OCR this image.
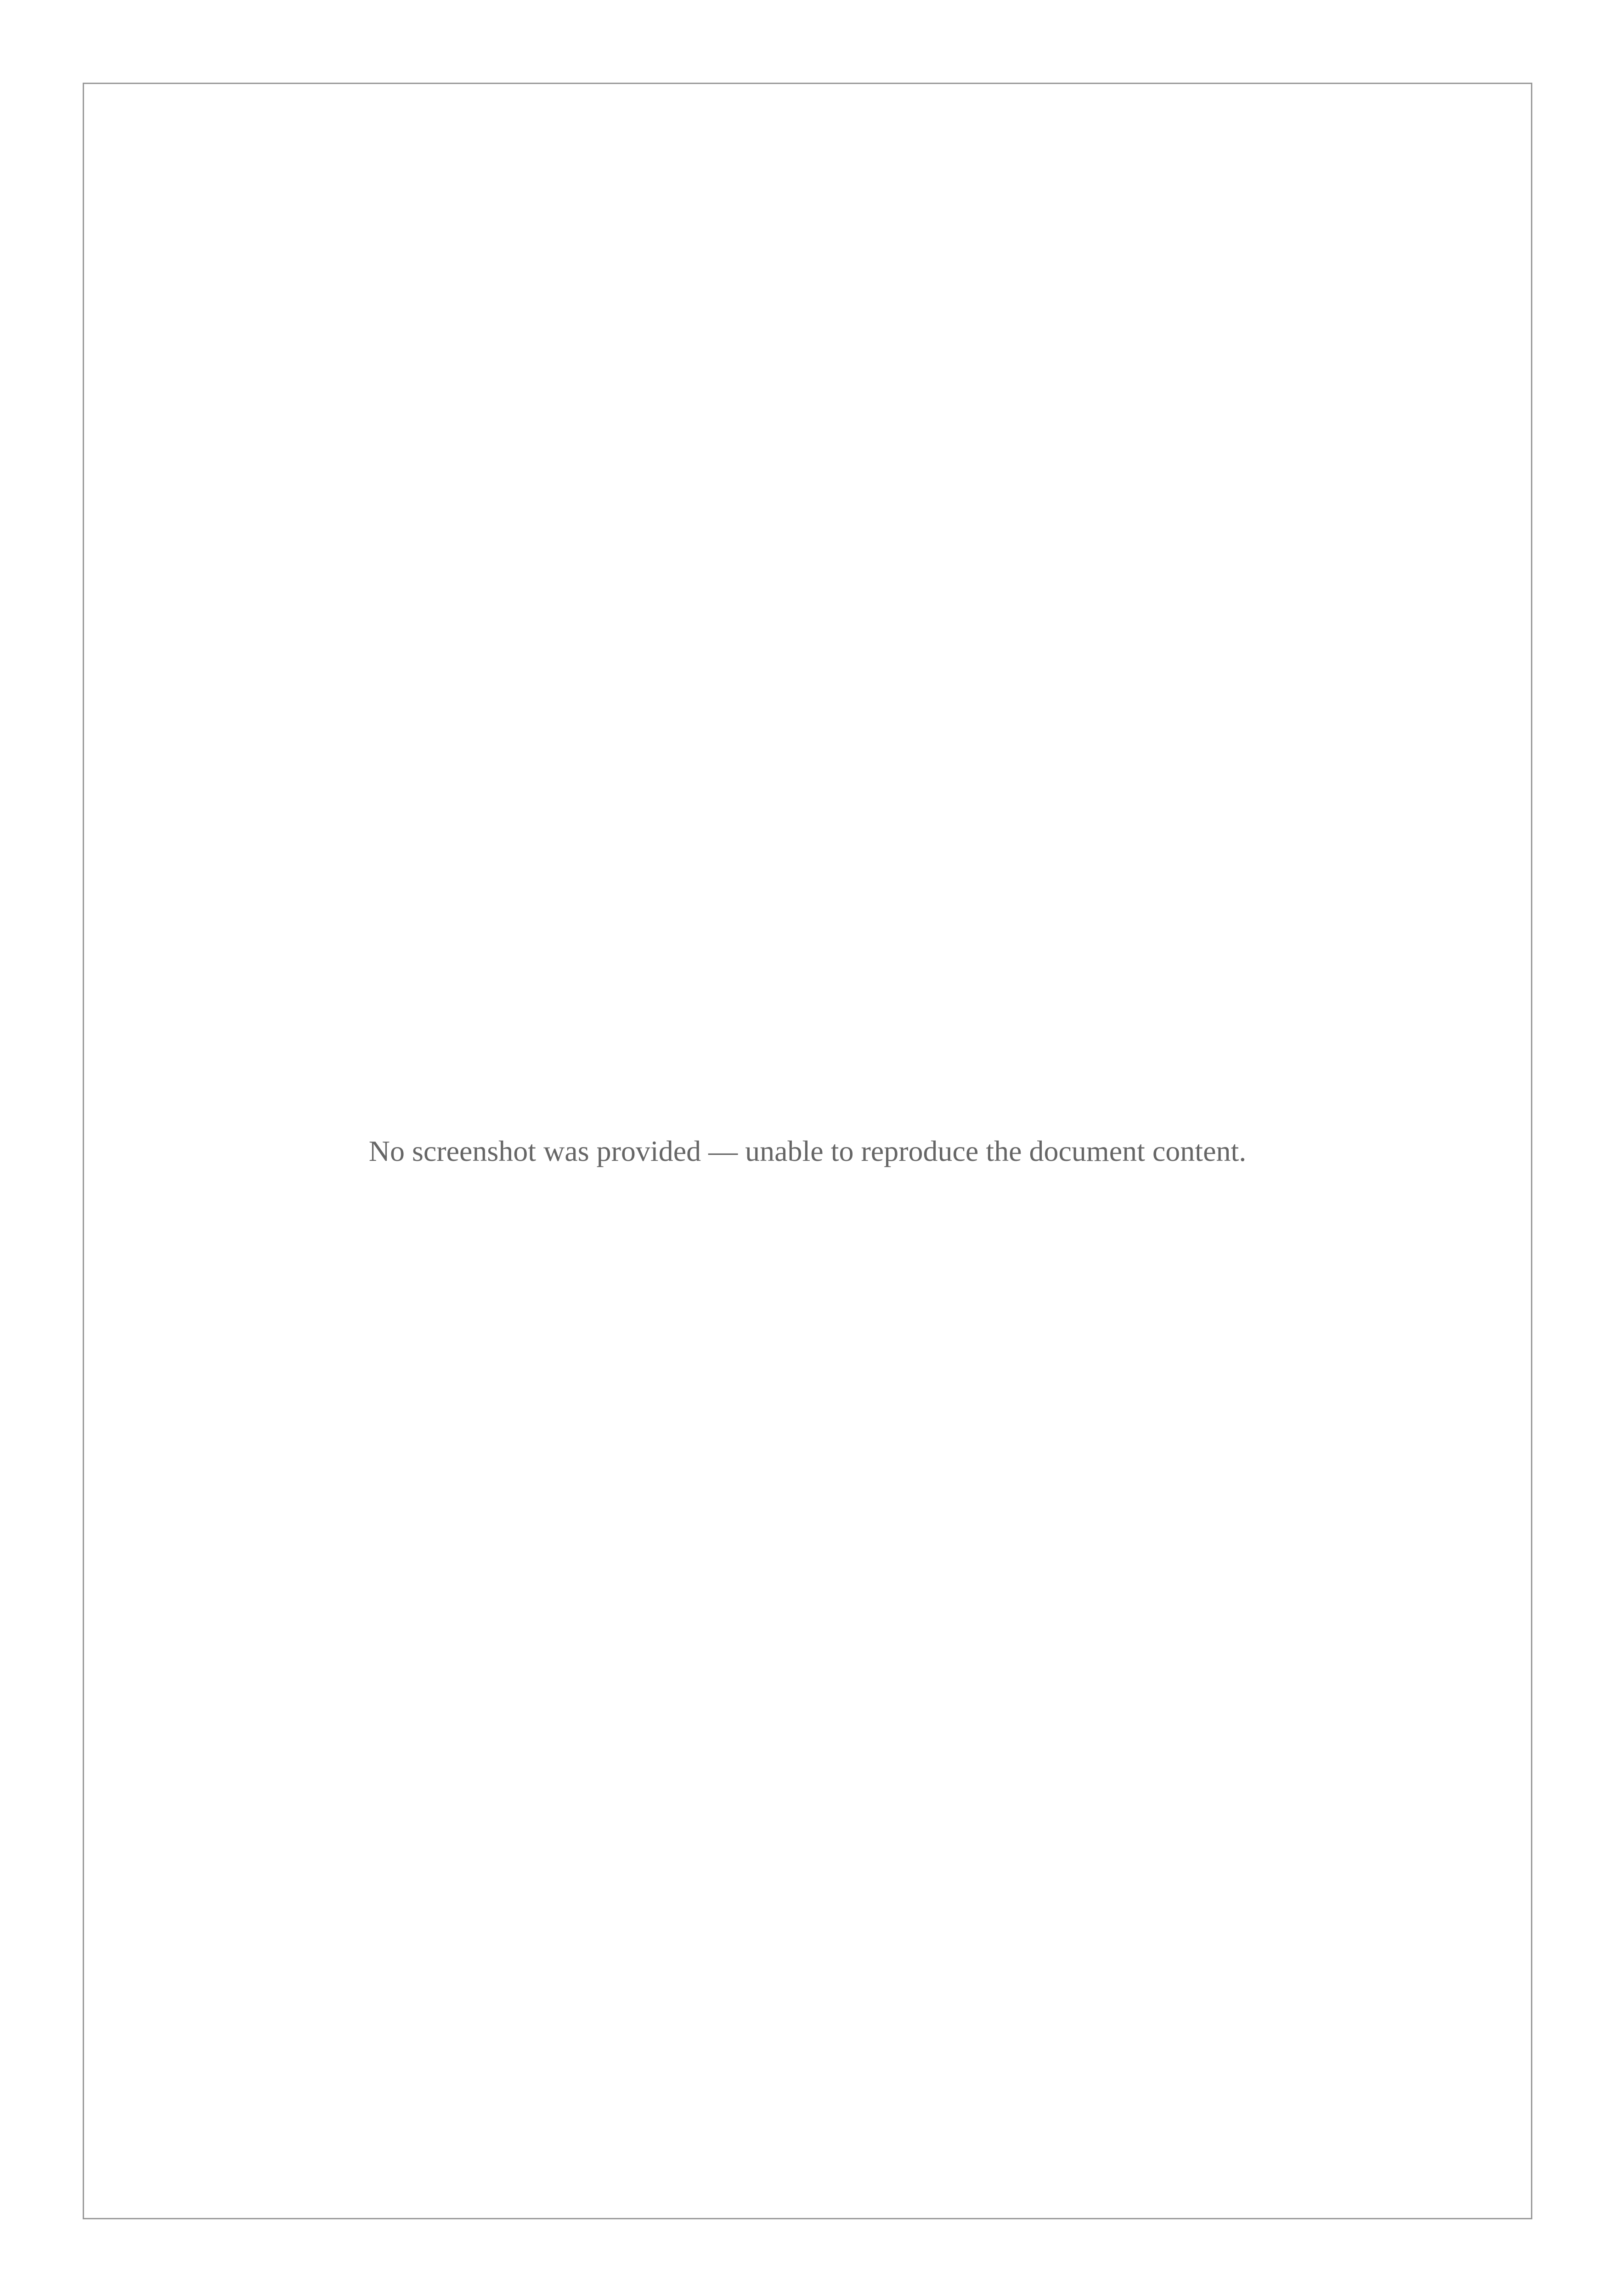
No screenshot was provided — unable to reproduce the document content.
